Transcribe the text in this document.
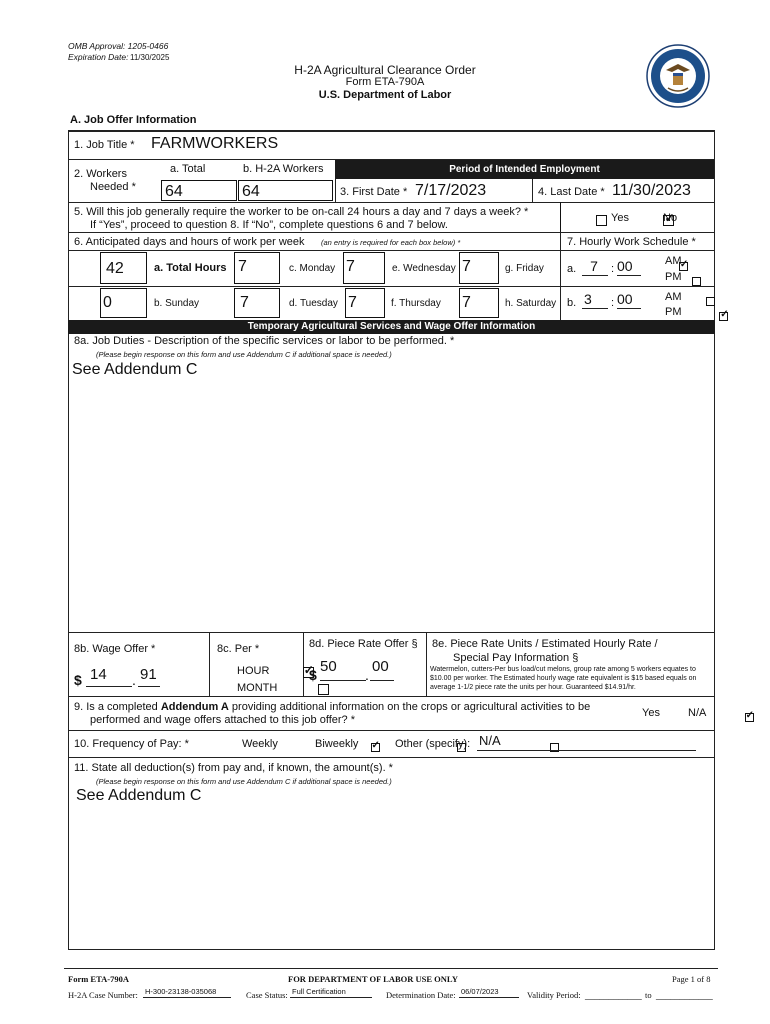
OMB Approval: 1205-0466
Expiration Date: 11/30/2025
H-2A Agricultural Clearance Order
Form ETA-790A
U.S. Department of Labor
A. Job Offer Information
1. Job Title * FARMWORKERS
2. Workers
Needed *
a. Total	b. H-2A Workers
64	64
Period of Intended Employment
3. First Date * 7/17/2023	4. Last Date * 11/30/2023
5. Will this job generally require the worker to be on-call 24 hours a day and 7 days a week? *
If “Yes”, proceed to question 8. If “No”, complete questions 6 and 7 below.

Yes
✓	No
6. Anticipated days and hours of work per week (an entry is required for each box below) *	7. Hourly Work Schedule *
42	a. Total Hours 7	c. Monday 7	e. Wednesday 7	g. Friday
0	b. Sunday	7	d. Tuesday 7	f. Thursday 7	h. Saturday
a. 7	: 00
✓	AM

PM
b. 3 : 00
	AM
✓
PM
Temporary Agricultural Services and Wage Offer Information
8a. Job Duties - Description of the specific services or labor to be performed. *
(Please begin response on this form and use Addendum C if additional space is needed.)
See Addendum C
8b. Wage Offer *
$ 14 . 91
8c. Per *
✓
HOUR

MONTH
8d. Piece Rate Offer §
$ 50 . 00
8e. Piece Rate Units / Estimated Hourly Rate /
Special Pay Information §
Watermelon, cutters-Per bus load/cut melons, group rate among 5 workers equates to
$10.00 per worker. The Estimated hourly wage rate equivalent is $15 based equals on
average 1-1/2 piece rate the units per hour. Guaranteed $14.91/hr.
9. Is a completed Addendum A providing additional information on the crops or agricultural activities to be
performed and wage offers attached to this job offer? *
✓
Yes
	N/A
10. Frequency of Pay: *
✓	Weekly
	Biweekly	Other (specify): N/A
11. State all deduction(s) from pay and, if known, the amount(s). *
(Please begin response on this form and use Addendum C if additional space is needed.)
See Addendum C
Form ETA-790A	FOR DEPARTMENT OF LABOR USE ONLY	Page 1 of 8
H-2A Case Number: H-300-23138-035068	Case Status: Full Certification	Determination Date: 06/07/2023	Validity Period: ____________ to ____________
